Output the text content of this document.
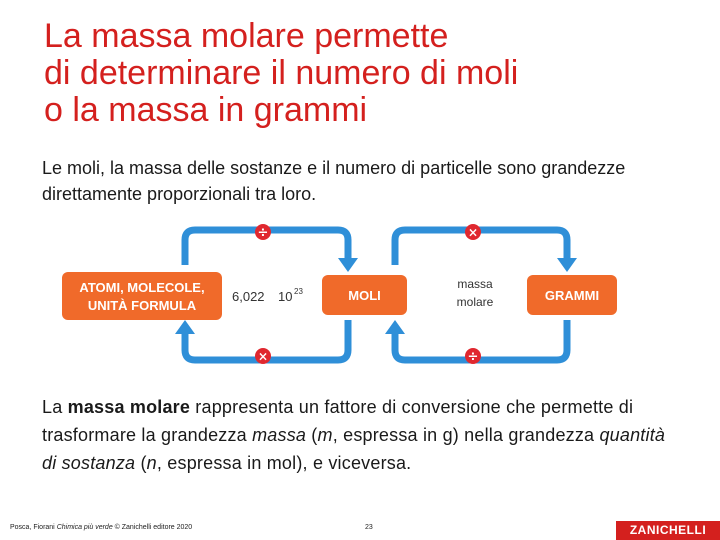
La massa molare permette
di determinare il numero di moli
o la massa in grammi
Le moli, la massa delle sostanze e il numero di particelle sono grandezze direttamente proporzionali tra loro.
÷
×
×
÷
ATOMI, MOLECOLE,
UNITÀ FORMULA
6,022 10 23	MOLI
massa
molare	GRAMMI
La massa molare rappresenta un fattore di conversione che permette di trasformare la grandezza massa (m, espressa in g) nella grandezza quantità di sostanza (n, espressa in mol), e viceversa.
Posca, Fiorani Chimica più verde © Zanichelli editore 2020	23	ZANICHELLI
